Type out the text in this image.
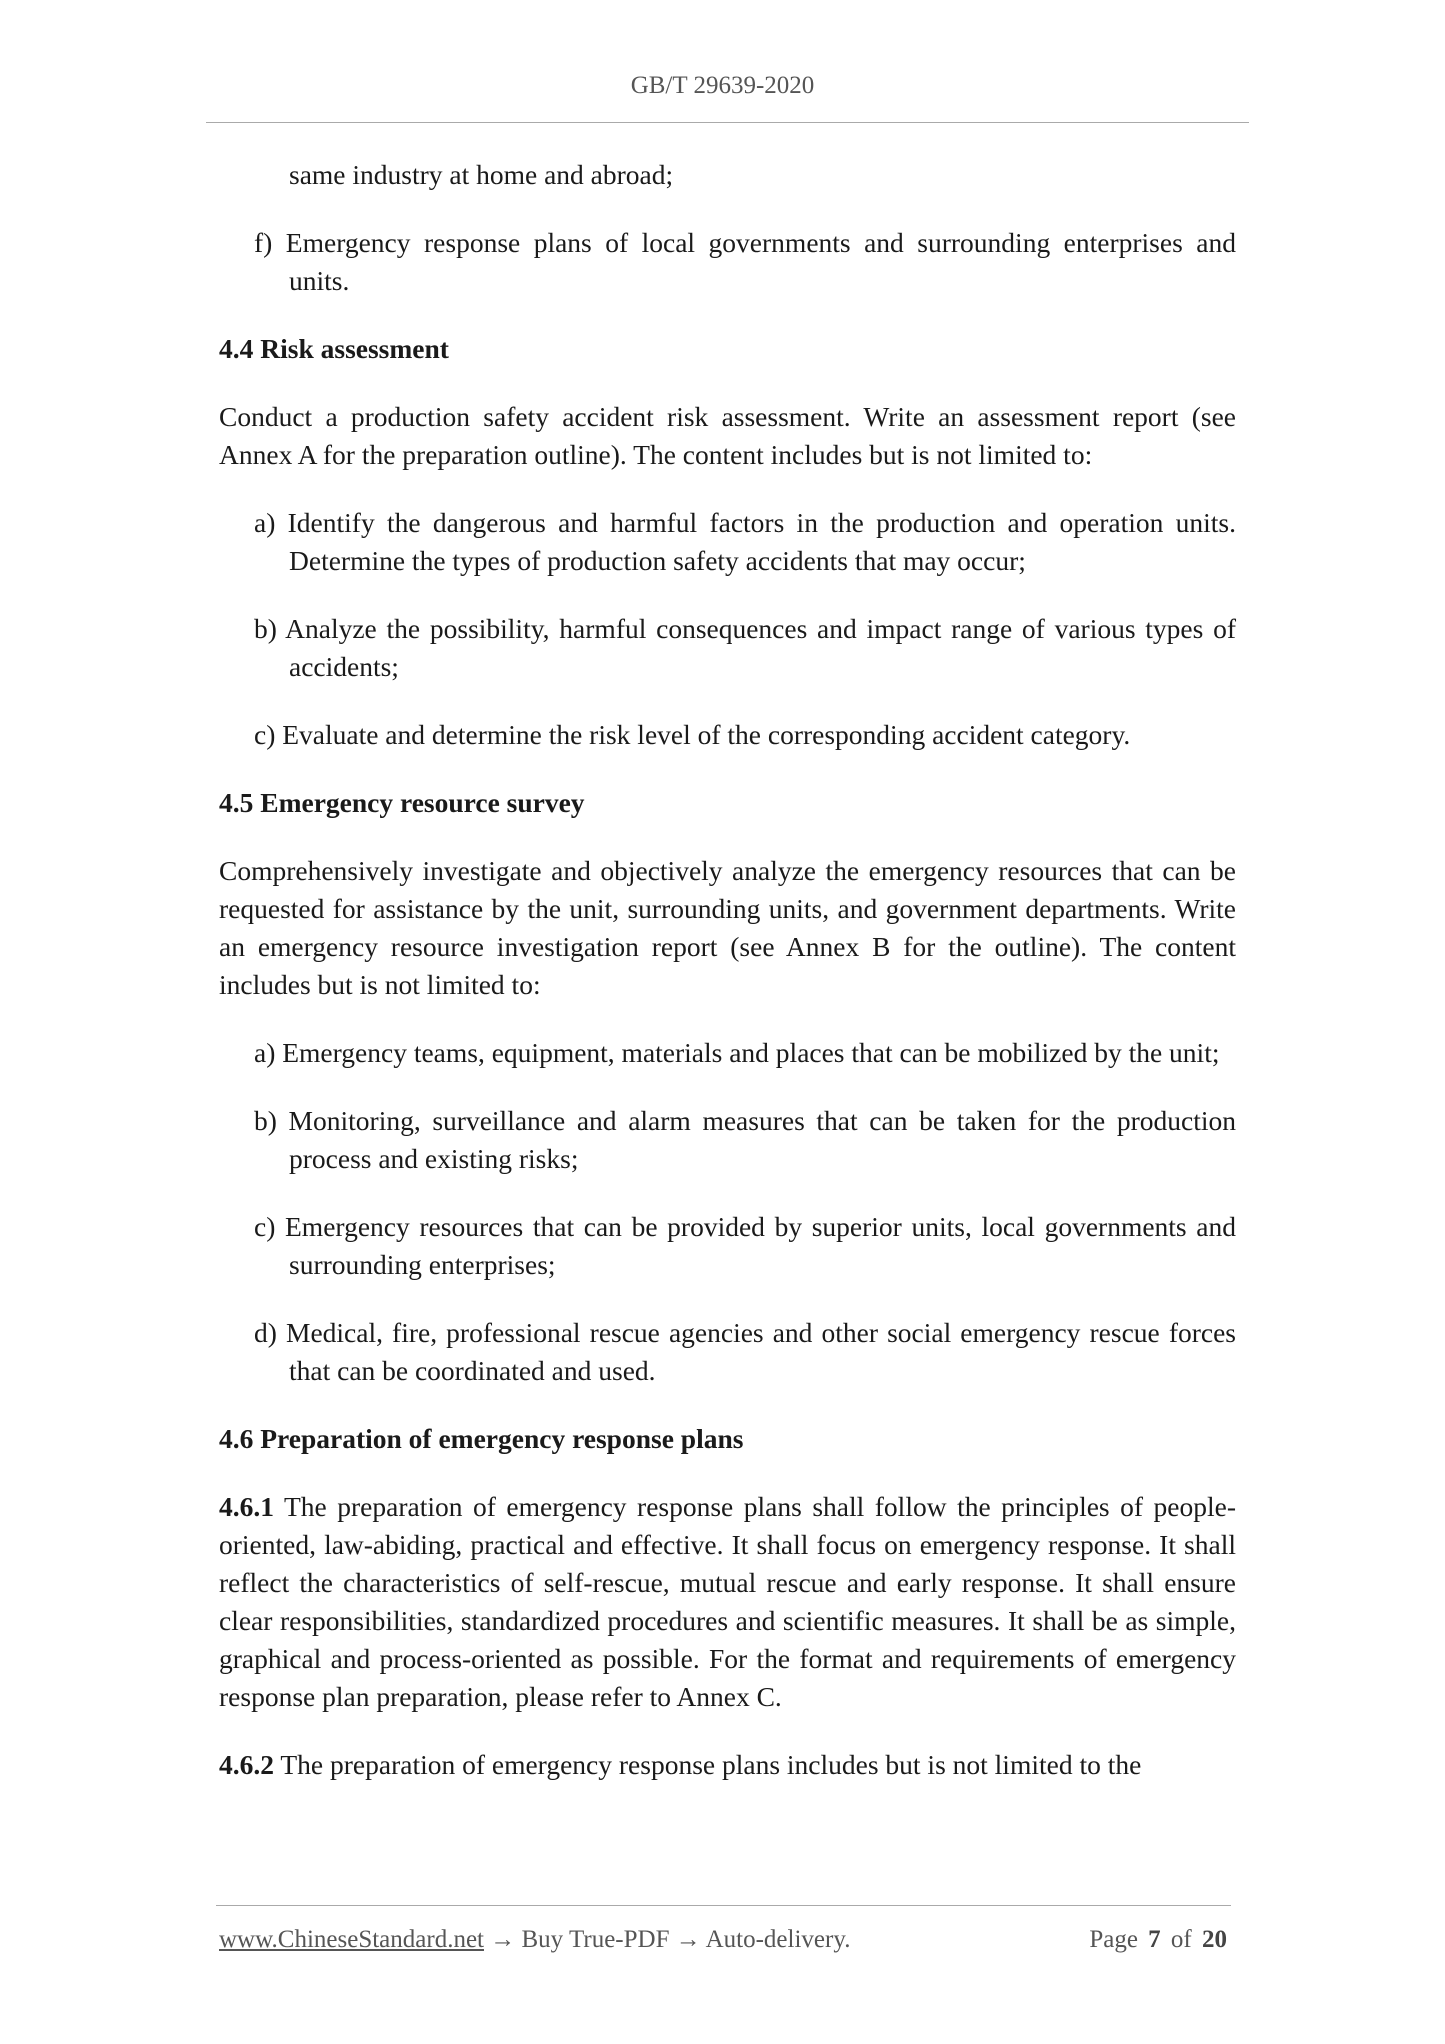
GB/T 29639-2020

same industry at home and abroad;

f) Emergency response plans of local governments and surrounding enterprises and units.

4.4 Risk assessment

Conduct a production safety accident risk assessment. Write an assessment report (see Annex A for the preparation outline). The content includes but is not limited to:

a) Identify the dangerous and harmful factors in the production and operation units. Determine the types of production safety accidents that may occur;

b) Analyze the possibility, harmful consequences and impact range of various types of accidents;

c) Evaluate and determine the risk level of the corresponding accident category.

4.5 Emergency resource survey

Comprehensively investigate and objectively analyze the emergency resources that can be requested for assistance by the unit, surrounding units, and government departments. Write an emergency resource investigation report (see Annex B for the outline). The content includes but is not limited to:

a) Emergency teams, equipment, materials and places that can be mobilized by the unit;

b) Monitoring, surveillance and alarm measures that can be taken for the production process and existing risks;

c) Emergency resources that can be provided by superior units, local governments and surrounding enterprises;

d) Medical, fire, professional rescue agencies and other social emergency rescue forces that can be coordinated and used.

4.6 Preparation of emergency response plans

4.6.1 The preparation of emergency response plans shall follow the principles of people-oriented, law-abiding, practical and effective. It shall focus on emergency response. It shall reflect the characteristics of self-rescue, mutual rescue and early response. It shall ensure clear responsibilities, standardized procedures and scientific measures. It shall be as simple, graphical and process-oriented as possible. For the format and requirements of emergency response plan preparation, please refer to Annex C.

4.6.2 The preparation of emergency response plans includes but is not limited to the

www.ChineseStandard.net → Buy True-PDF → Auto-delivery.	Page 7 of 20
